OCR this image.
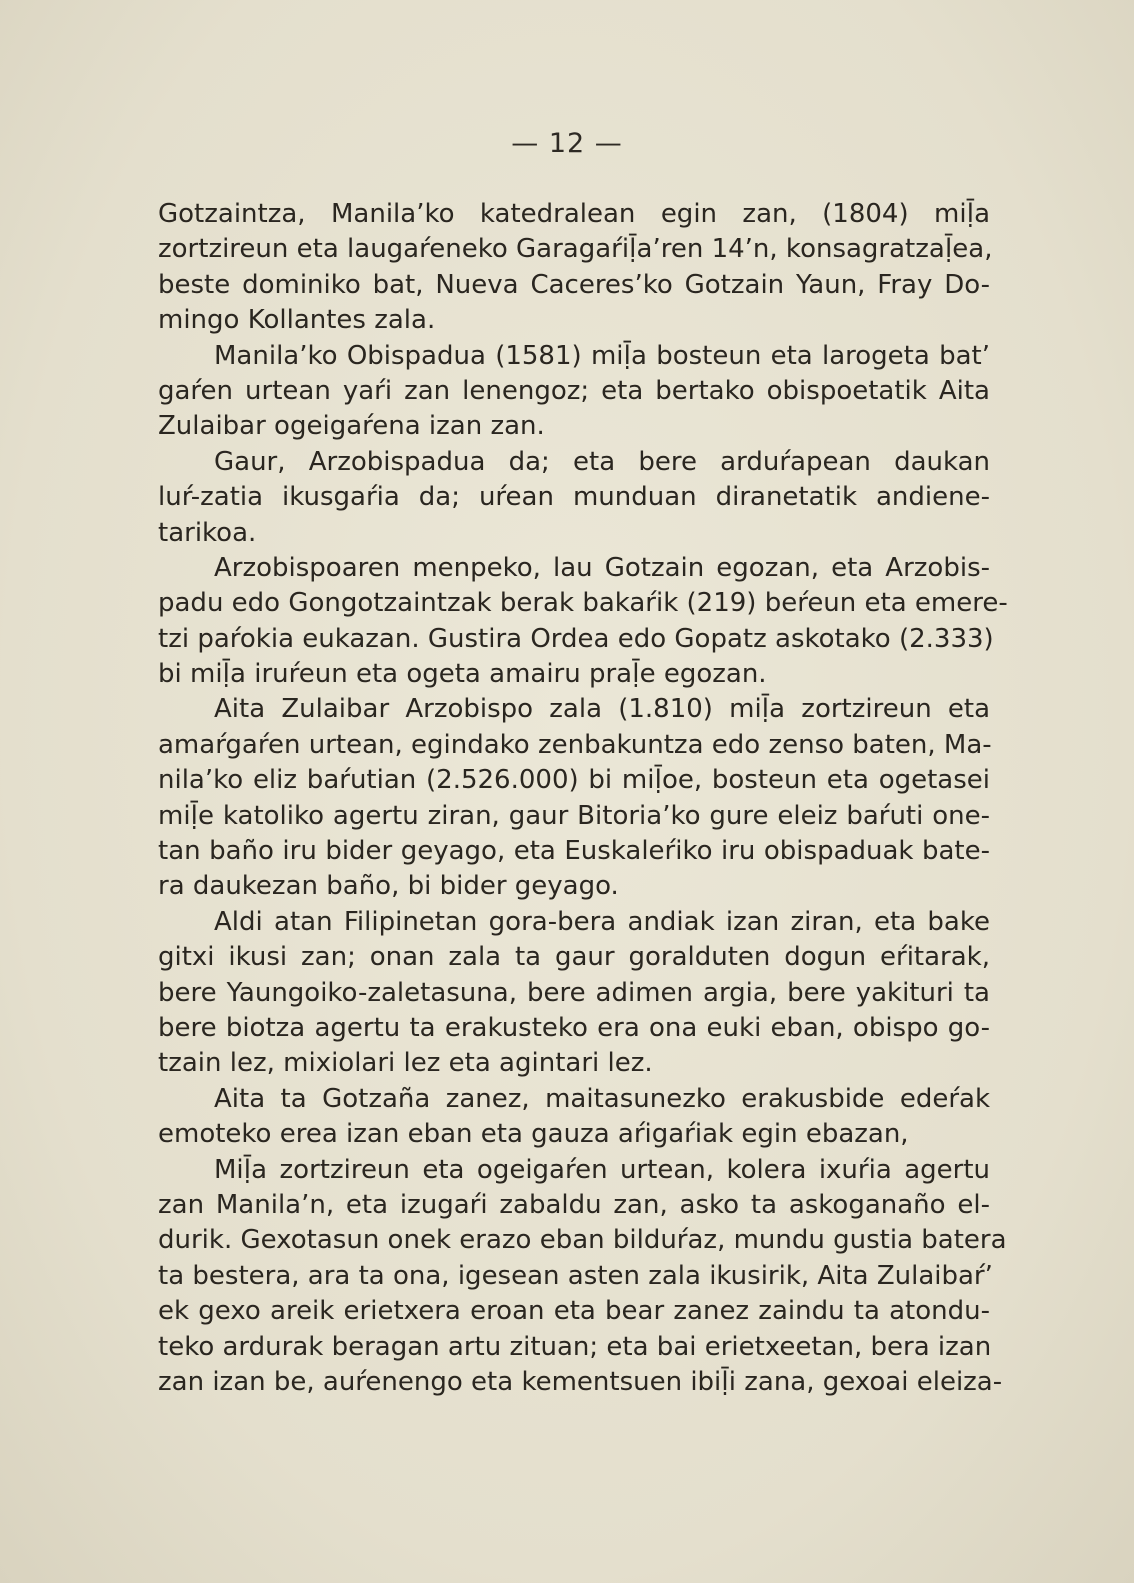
— 12 —
Gotzaintza, Manila’ko katedralean egin zan, (1804) miḹa
zortzireun eta laugaŕeneko Garagaŕiḹa’ren 14’n, konsagratzaḹea,
beste dominiko bat, Nueva Caceres’ko Gotzain Yaun, Fray Do-
mingo Kollantes zala.
Manila’ko Obispadua (1581) miḹa bosteun eta larogeta bat’
gaŕen urtean yaŕi zan lenengoz; eta bertako obispoetatik Aita
Zulaibar ogeigaŕena izan zan.
Gaur, Arzobispadua da; eta bere arduŕapean daukan
luŕ-zatia ikusgaŕia da; uŕean munduan diranetatik andiene-
tarikoa.
Arzobispoaren menpeko, lau Gotzain egozan, eta Arzobis-
padu edo Gongotzaintzak berak bakaŕik (219) beŕeun eta emere-
tzi paŕokia eukazan. Gustira Ordea edo Gopatz askotako (2.333)
bi miḹa iruŕeun eta ogeta amairu praḹe egozan.
Aita Zulaibar Arzobispo zala (1.810) miḹa zortzireun eta
amaŕgaŕen urtean, egindako zenbakuntza edo zenso baten, Ma-
nila’ko eliz baŕutian (2.526.000) bi miḹoe, bosteun eta ogetasei
miḹe katoliko agertu ziran, gaur Bitoria’ko gure eleiz baŕuti one-
tan baño iru bider geyago, eta Euskaleŕiko iru obispaduak bate-
ra daukezan baño, bi bider geyago.
Aldi atan Filipinetan gora-bera andiak izan ziran, eta bake
gitxi ikusi zan; onan zala ta gaur goralduten dogun eŕitarak,
bere Yaungoiko-zaletasuna, bere adimen argia, bere yakituri ta
bere biotza agertu ta erakusteko era ona euki eban, obispo go-
tzain lez, mixiolari lez eta agintari lez.
Aita ta Gotzaña zanez, maitasunezko erakusbide edeŕak
emoteko erea izan eban eta gauza aŕigaŕiak egin ebazan,
Miḹa zortzireun eta ogeigaŕen urtean, kolera ixuŕia agertu
zan Manila’n, eta izugaŕi zabaldu zan, asko ta askoganaño el-
durik. Gexotasun onek erazo eban bilduŕaz, mundu gustia batera
ta bestera, ara ta ona, igesean asten zala ikusirik, Aita Zulaibaŕ’
ek gexo areik erietxera eroan eta bear zanez zaindu ta atondu-
teko ardurak beragan artu zituan; eta bai erietxeetan, bera izan
zan izan be, auŕenengo eta kementsuen ibiḹi zana, gexoai eleiza-
